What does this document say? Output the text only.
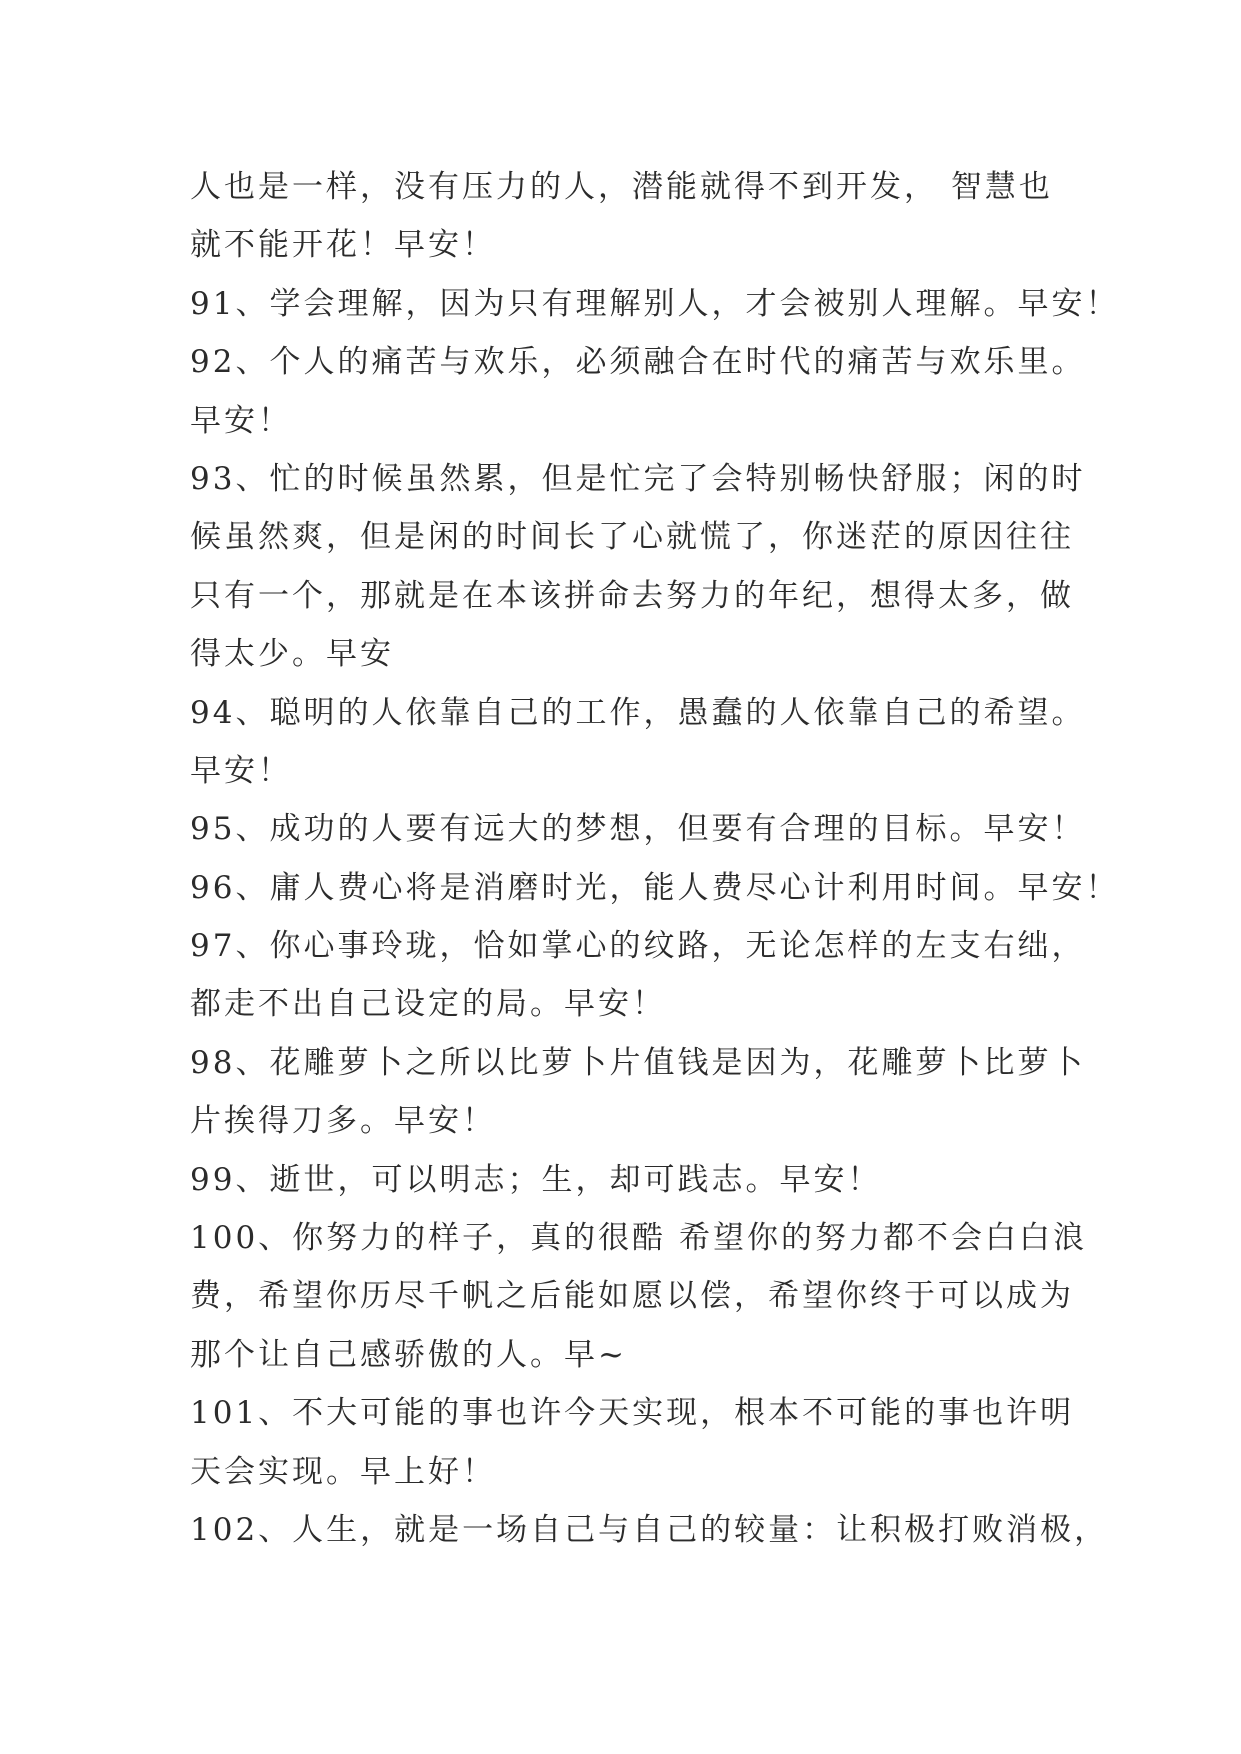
人也是一样，没有压力的人，潜能就得不到开发， 智慧也
就不能开花！早安！
91、学会理解，因为只有理解别人，才会被别人理解。早安！
92、个人的痛苦与欢乐，必须融合在时代的痛苦与欢乐里。
早安！
93、忙的时候虽然累，但是忙完了会特别畅快舒服；闲的时
候虽然爽，但是闲的时间长了心就慌了，你迷茫的原因往往
只有一个，那就是在本该拼命去努力的年纪，想得太多，做
得太少。早安
94、聪明的人依靠自己的工作，愚蠢的人依靠自己的希望。
早安！
95、成功的人要有远大的梦想，但要有合理的目标。早安！
96、庸人费心将是消磨时光，能人费尽心计利用时间。早安！
97、你心事玲珑，恰如掌心的纹路，无论怎样的左支右绌，
都走不出自己设定的局。早安！
98、花雕萝卜之所以比萝卜片值钱是因为，花雕萝卜比萝卜
片挨得刀多。早安！
99、逝世，可以明志；生，却可践志。早安！
100、你努力的样子，真的很酷 希望你的努力都不会白白浪
费，希望你历尽千帆之后能如愿以偿，希望你终于可以成为
那个让自己感骄傲的人。早~
101、不大可能的事也许今天实现，根本不可能的事也许明
天会实现。早上好！
102、人生，就是一场自己与自己的较量：让积极打败消极，
